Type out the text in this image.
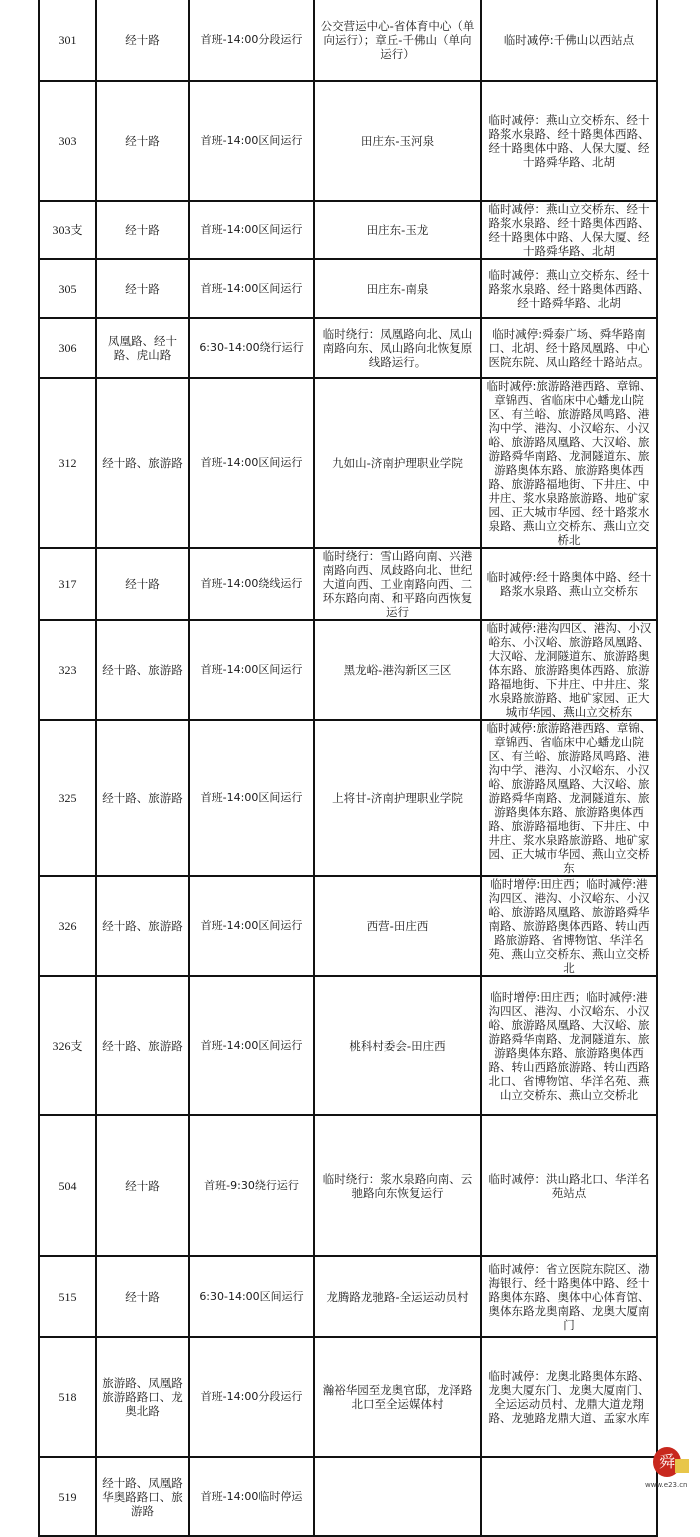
301	经十路	首班-14:00分段运行	公交营运中心-省体育中心（单向运行）；章丘-千佛山（单向运行）	临时减停:千佛山以西站点
303	经十路	首班-14:00区间运行	田庄东-玉河泉	临时减停：燕山立交桥东、经十路浆水泉路、经十路奥体西路、经十路奥体中路、人保大厦、经十路舜华路、北胡
303支	经十路	首班-14:00区间运行	田庄东-玉龙	临时减停：燕山立交桥东、经十路浆水泉路、经十路奥体西路、经十路奥体中路、人保大厦、经十路舜华路、北胡
305	经十路	首班-14:00区间运行	田庄东-南泉	临时减停：燕山立交桥东、经十路浆水泉路、经十路奥体西路、经十路舜华路、北胡
306	凤凰路、经十路、虎山路	6:30-14:00绕行运行	临时绕行：凤凰路向北、凤山南路向东、凤山路向北恢复原线路运行。	临时减停:舜泰广场、舜华路南口、北胡、经十路凤凰路、中心医院东院、凤山路经十路站点。
312	经十路、旅游路	首班-14:00区间运行	九如山-济南护理职业学院	临时减停:旅游路港西路、章锦、章锦西、省临床中心蟠龙山院区、有兰峪、旅游路凤鸣路、港沟中学、港沟、小汉峪东、小汉峪、旅游路凤凰路、大汉峪、旅游路舜华南路、龙洞隧道东、旅游路奥体东路、旅游路奥体西路、旅游路福地街、下井庄、中井庄、浆水泉路旅游路、地矿家园、正大城市华园、经十路浆水泉路、燕山立交桥东、燕山立交桥北
317	经十路	首班-14:00绕线运行	临时绕行：雪山路向南、兴港南路向西、凤歧路向北、世纪大道向西、工业南路向西、二环东路向南、和平路向西恢复运行	临时减停:经十路奥体中路、经十路浆水泉路、燕山立交桥东
323	经十路、旅游路	首班-14:00区间运行	黑龙峪-港沟新区三区	临时减停:港沟四区、港沟、小汉峪东、小汉峪、旅游路凤凰路、大汉峪、龙洞隧道东、旅游路奥体东路、旅游路奥体西路、旅游路福地街、下井庄、中井庄、浆水泉路旅游路、地矿家园、正大城市华园、燕山立交桥东
325	经十路、旅游路	首班-14:00区间运行	上将甘-济南护理职业学院	临时减停:旅游路港西路、章锦、章锦西、省临床中心蟠龙山院区、有兰峪、旅游路凤鸣路、港沟中学、港沟、小汉峪东、小汉峪、旅游路凤凰路、大汉峪、旅游路舜华南路、龙洞隧道东、旅游路奥体东路、旅游路奥体西路、旅游路福地街、下井庄、中井庄、浆水泉路旅游路、地矿家园、正大城市华园、燕山立交桥东
326	经十路、旅游路	首班-14:00区间运行	西营-田庄西	临时增停:田庄西；临时减停:港沟四区、港沟、小汉峪东、小汉峪、旅游路凤凰路、旅游路舜华南路、旅游路奥体西路、转山西路旅游路、省博物馆、华洋名苑、燕山立交桥东、燕山立交桥北
326支	经十路、旅游路	首班-14:00区间运行	桃科村委会-田庄西	临时增停:田庄西；临时减停:港沟四区、港沟、小汉峪东、小汉峪、旅游路凤凰路、大汉峪、旅游路舜华南路、龙洞隧道东、旅游路奥体东路、旅游路奥体西路、转山西路旅游路、转山西路北口、省博物馆、华洋名苑、燕山立交桥东、燕山立交桥北
504	经十路	首班-9:30绕行运行	临时绕行：浆水泉路向南、云驰路向东恢复运行	临时减停：洪山路北口、华洋名苑站点
515	经十路	6:30-14:00区间运行	龙腾路龙驰路-全运运动员村	临时减停：省立医院东院区、渤海银行、经十路奥体中路、经十路奥体东路、奥体中心体育馆、奥体东路龙奥南路、龙奥大厦南门
518	旅游路、凤凰路旅游路路口、龙奥北路	首班-14:00分段运行	瀚裕华园至龙奥官邸，龙泽路北口至全运媒体村	临时减停：龙奥北路奥体东路、龙奥大厦东门、龙奥大厦南门、全运运动员村、龙鼎大道龙翔路、龙驰路龙鼎大道、孟家水库
519	经十路、凤凰路华奥路路口、旅游路	首班-14:00临时停运		
舜
www.e23.cn
